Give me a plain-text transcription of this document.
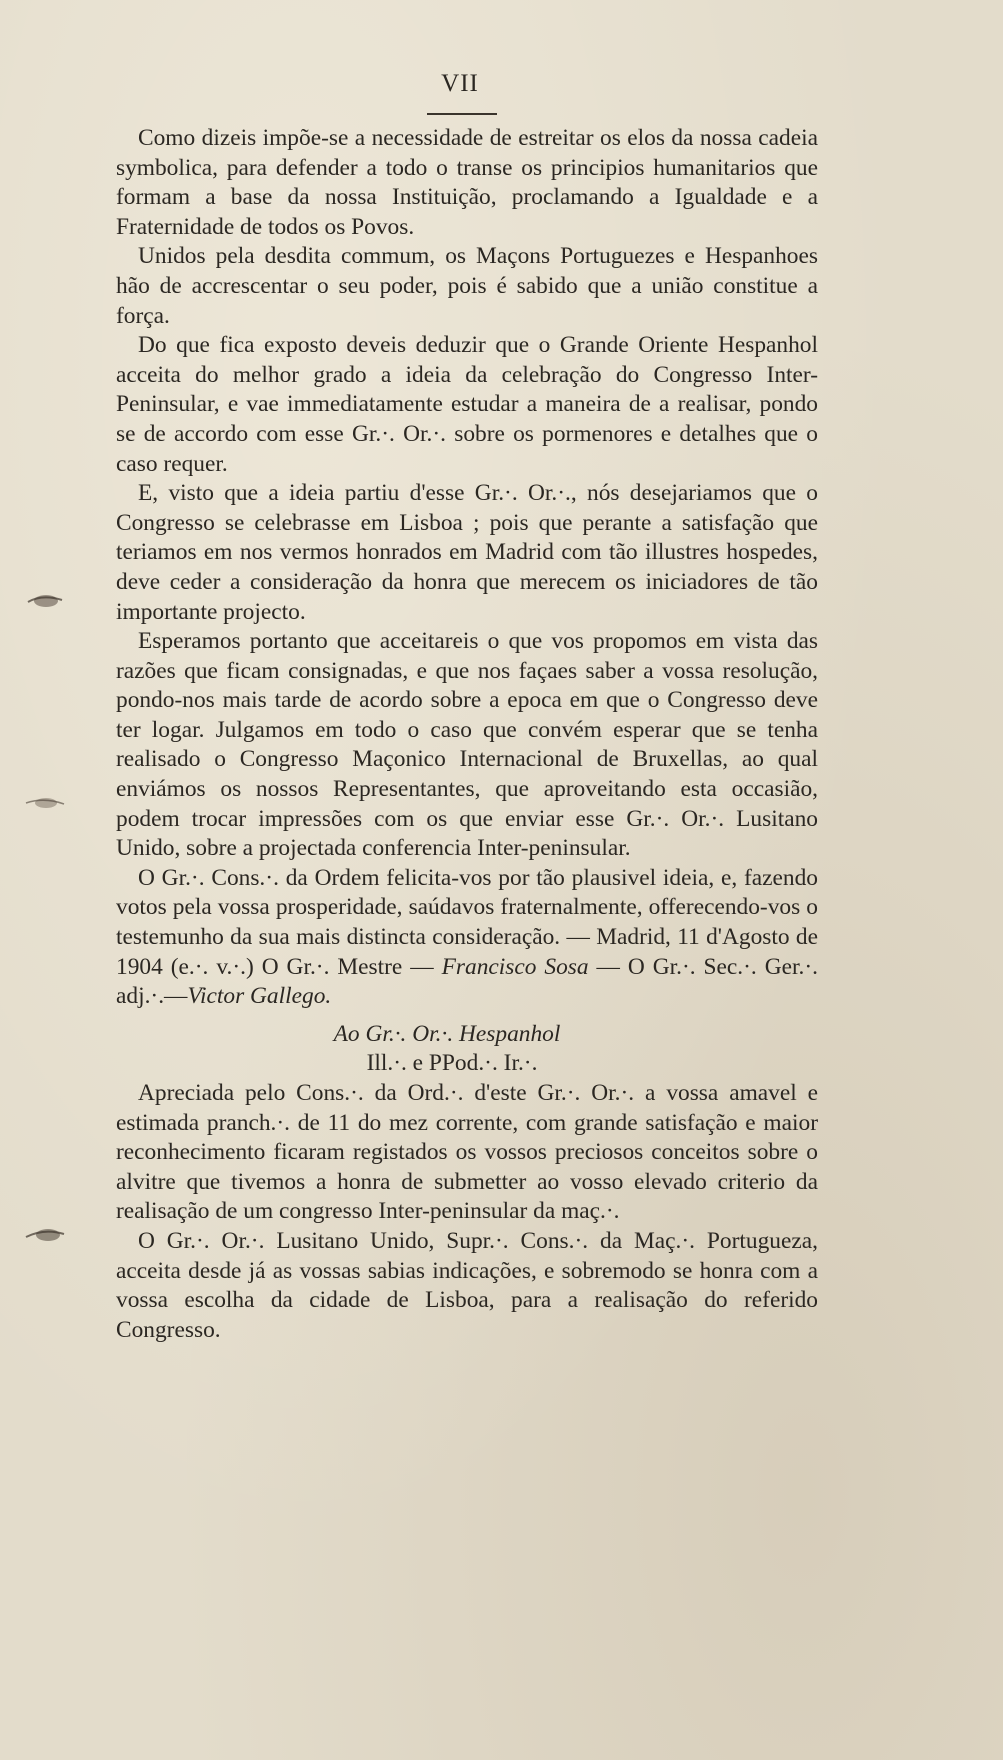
VII

Como dizeis impõe-se a necessidade de estreitar os elos da nossa cadeia symbolica, para defender a todo o transe os principios humanitarios que formam a base da nossa Instituição, proclamando a Igualdade e a Fraternidade de todos os Povos.

Unidos pela desdita commum, os Maçons Portuguezes e Hespanhoes hão de accrescentar o seu poder, pois é sabido que a união constitue a força.

Do que fica exposto deveis deduzir que o Grande Oriente Hespanhol acceita do melhor grado a ideia da celebração do Congresso Inter-Peninsular, e vae immediatamente estudar a maneira de a realisar, pondo se de accordo com esse Gr.·. Or.·. sobre os pormenores e detalhes que o caso requer.

E, visto que a ideia partiu d'esse Gr.·. Or.·., nós desejariamos que o Congresso se celebrasse em Lisboa ; pois que perante a satisfação que teriamos em nos vermos honrados em Madrid com tão illustres hospedes, deve ceder a consideração da honra que merecem os iniciadores de tão importante projecto.

Esperamos portanto que acceitareis o que vos propomos em vista das razões que ficam consignadas, e que nos façaes saber a vossa resolução, pondo-nos mais tarde de acordo sobre a epoca em que o Congresso deve ter logar. Julgamos em todo o caso que convém esperar que se tenha realisado o Congresso Maçonico Internacional de Bruxellas, ao qual enviámos os nossos Representantes, que aproveitando esta occasião, podem trocar impressões com os que enviar esse Gr.·. Or.·. Lusitano Unido, sobre a projectada conferencia Inter-peninsular.

O Gr.·. Cons.·. da Ordem felicita-vos por tão plausivel ideia, e, fazendo votos pela vossa prosperidade, saúdavos fraternalmente, offerecendo-vos o testemunho da sua mais distincta consideração. — Madrid, 11 d'Agosto de 1904 (e.·. v.·.) O Gr.·. Mestre — Francisco Sosa — O Gr.·. Sec.·. Ger.·. adj.·.—Victor Gallego.

Ao Gr.·. Or.·. Hespanhol

Ill.·. e PPod.·. Ir.·.

Apreciada pelo Cons.·. da Ord.·. d'este Gr.·. Or.·. a vossa amavel e estimada pranch.·. de 11 do mez corrente, com grande satisfação e maior reconhecimento ficaram registados os vossos preciosos conceitos sobre o alvitre que tivemos a honra de submetter ao vosso elevado criterio da realisação de um congresso Inter-peninsular da maç.·.

O Gr.·. Or.·. Lusitano Unido, Supr.·. Cons.·. da Maç.·. Portugueza, acceita desde já as vossas sabias indicações, e sobremodo se honra com a vossa escolha da cidade de Lisboa, para a realisação do referido Congresso.
